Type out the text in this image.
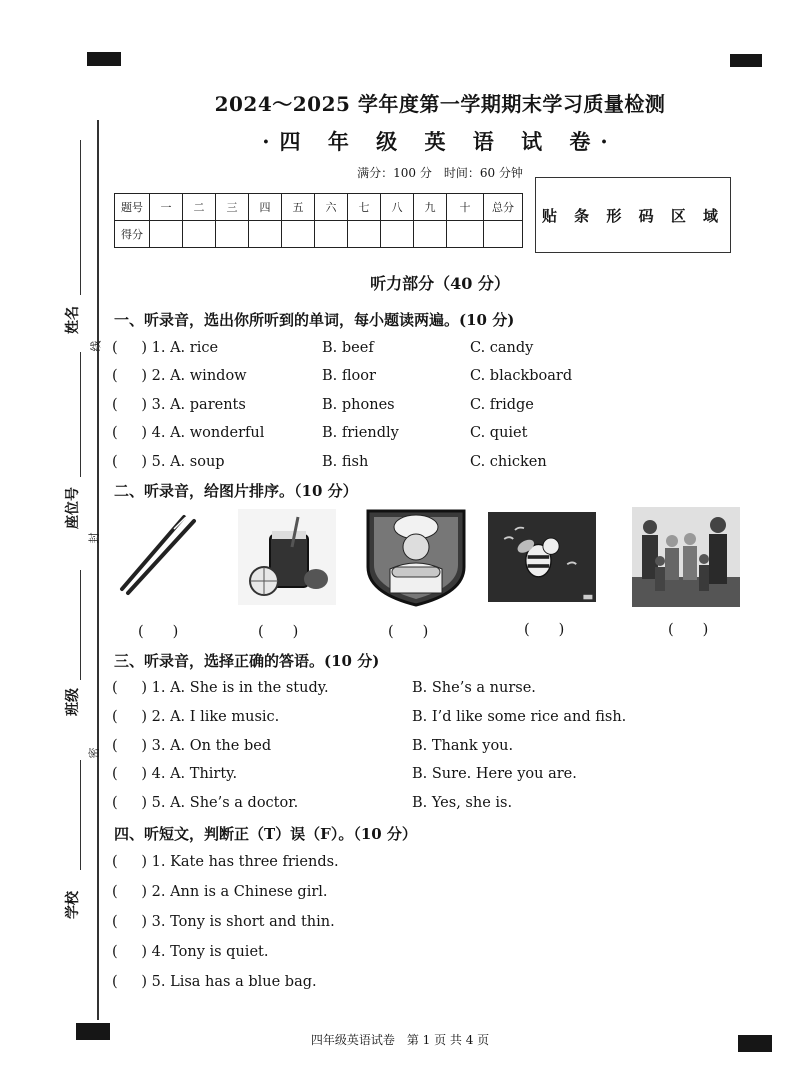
姓名
线
座位号
封
班级
密
学校
2024～2025 学年度第一学期期末学习质量检测
·四 年 级 英 语 试 卷·
满分：100 分　时间：60 分钟
题号	一	二	三	四	五	六	七	八	九	十	总分
得分											
贴 条 形 码 区 域
听力部分（40 分）
一、听录音，选出你所听到的单词，每小题读两遍。(10 分)
( 　 ) 1. A. rice	B. beef	C. candy
( 　 ) 2. A. window	B. floor	C. blackboard
( 　 ) 3. A. parents	B. phones	C. fridge
( 　 ) 4. A. wonderful	B. friendly	C. quiet
( 　 ) 5. A. soup	B. fish	C. chicken
二、听录音，给图片排序。（10 分）
(　　)	(　　)	(　　)	(　　)	(　　)
三、听录音，选择正确的答语。(10 分)
( 　 ) 1. A. She is in the study.	B. She’s a nurse.
( 　 ) 2. A. I like music.	B. I’d like some rice and fish.
( 　 ) 3. A. On the bed	B. Thank you.
( 　 ) 4. A. Thirty.	B. Sure. Here you are.
( 　 ) 5. A. She’s a doctor.	B. Yes, she is.
四、听短文，判断正（T）误（F）。（10 分）
( 　 ) 1. Kate has three friends.
( 　 ) 2. Ann is a Chinese girl.
( 　 ) 3. Tony is short and thin.
( 　 ) 4. Tony is quiet.
( 　 ) 5. Lisa has a blue bag.
四年级英语试卷　第 1 页 共 4 页
